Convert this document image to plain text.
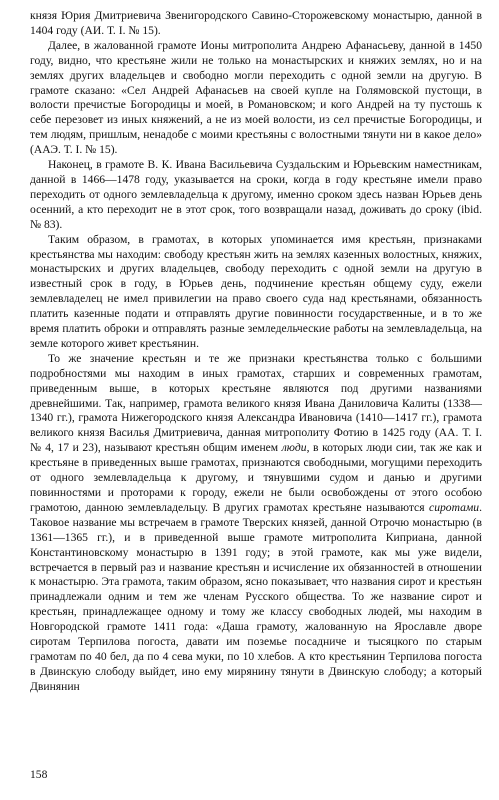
князя Юрия Дмитриевича Звенигородского Савино-Сторожевскому монастырю, данной в 1404 году (АИ. Т. I. № 15).

Далее, в жалованной грамоте Ионы митрополита Андрею Афанасьеву, данной в 1450 году, видно, что крестьяне жили не только на монастырских и княжих землях, но и на землях других владельцев и свободно могли переходить с одной земли на другую. В грамоте сказано: «Сел Андрей Афанасьев на своей купле на Голямовской пустощи, в волости пречистые Богородицы и моей, в Романовском; и кого Андрей на ту пустошь к себе перезовет из иных княжений, а не из моей волости, из сел пречистые Богородицы, и тем людям, пришлым, ненадобе с моими крестьяны с волостными тянути ни в какое дело» (ААЭ. Т. I. № 15).

Наконец, в грамоте В. К. Ивана Васильевича Суздальским и Юрьевским наместникам, данной в 1466—1478 году, указывается на сроки, когда в году крестьяне имели право переходить от одного землевладельца к другому, именно сроком здесь назван Юрьев день осенний, а кто переходит не в этот срок, того возвращали назад, доживать до сроку (ibid. № 83).

Таким образом, в грамотах, в которых упоминается имя крестьян, признаками крестьянства мы находим: свободу крестьян жить на землях казенных волостных, княжих, монастырских и других владельцев, свободу переходить с одной земли на другую в известный срок в году, в Юрьев день, подчинение крестьян общему суду, ежели землевладелец не имел привилегии на право своего суда над крестьянами, обязанность платить казенные подати и отправлять другие повинности государственные, и в то же время платить оброки и отправлять разные земледельческие работы на землевладельца, на земле которого живет крестьянин.

То же значение крестьян и те же признаки крестьянства только с большими подробностями мы находим в иных грамотах, старших и современных грамотам, приведенным выше, в которых крестьяне являются под другими названиями древнейшими. Так, например, грамота великого князя Ивана Даниловича Калиты (1338—1340 гг.), грамота Нижегородского князя Александра Ивановича (1410—1417 гг.), грамота великого князя Василья Дмитриевича, данная митрополиту Фотию в 1425 году (АА. Т. I. № 4, 17 и 23), называют крестьян общим именем люди, в которых люди сии, так же как и крестьяне в приведенных выше грамотах, признаются свободными, могущими переходить от одного землевладельца к другому, и тянувшими судом и данью и другими повинностями и проторами к городу, ежели не были освобождены от этого особою грамотою, данною землевладельцу. В других грамотах крестьяне называются сиротами. Таковое название мы встречаем в грамоте Тверских князей, данной Отрочю монастырю (в 1361—1365 гг.), и в приведенной выше грамоте митрополита Киприана, данной Константиновскому монастырю в 1391 году; в этой грамоте, как мы уже видели, встречается в первый раз и название крестьян и исчисление их обязанностей в отношении к монастырю. Эта грамота, таким образом, ясно показывает, что названия сирот и крестьян принадлежали одним и тем же членам Русского общества. То же название сирот и крестьян, принадлежащее одному и тому же классу свободных людей, мы находим в Новгородской грамоте 1411 года: «Даша грамоту, жалованную на Ярославле дворе сиротам Терпилова погоста, давати им поземье посадниче и тысяцкого по старым грамотам по 40 бел, да по 4 сева муки, по 10 хлебов. А кто крестьянин Терпилова погоста в Двинскую слободу выйдет, ино ему мирянину тянути в Двинскую слободу; а который Двинянин

158
